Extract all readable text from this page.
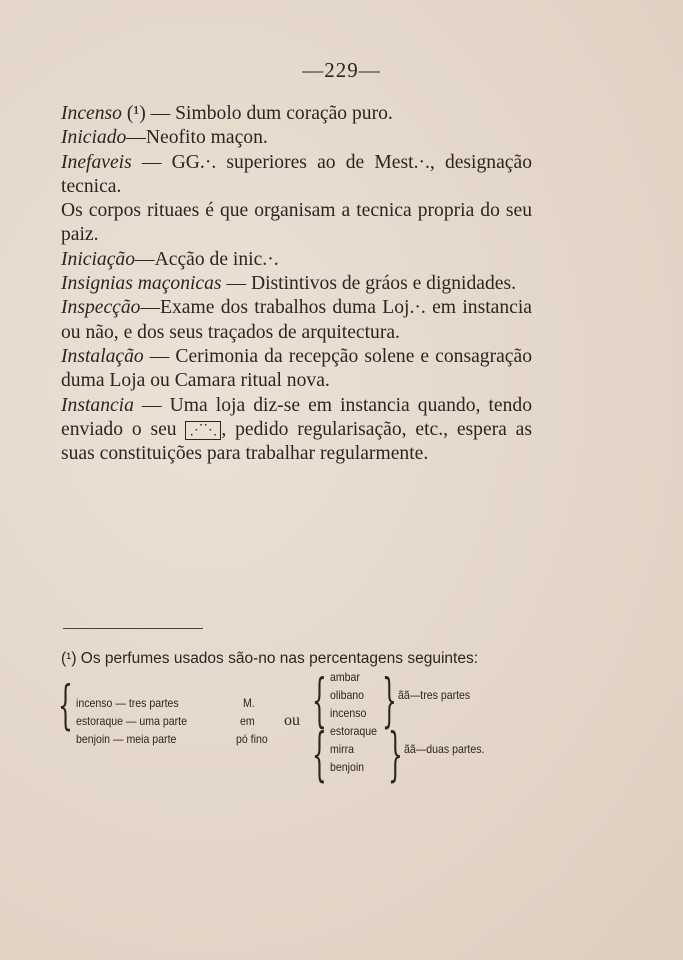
—229—

Incenso (¹) — Simbolo dum coração puro.

Iniciado—Neofito maçon.

Inefaveis — GG.·. superiores ao de Mest.·., designação tecnica.

Os corpos rituaes é que organisam a tecnica propria do seu paiz.

Iniciação—Acção de inic.·.

Insignias maçonicas — Distintivos de gráos e dignidades.

Inspecção—Exame dos trabalhos duma Loj.·. em instancia ou não, e dos seus traçados de arquitectura.

Instalação — Cerimonia da recepção solene e consagração duma Loja ou Camara ritual nova.

Instancia — Uma loja diz-se em instancia quando, tendo enviado o seu ⋰⋱ , pedido regularisação, etc., espera as suas constituições para trabalhar regularmente.

(¹) Os perfumes usados são-no nas percentagens seguintes:
{ incenso — tres partes
estoraque — uma parte
benjoin — meia parte
M.
em
pó fino
ou { ambar
olibano
incenso } ãã—tres partes
{ estoraque
mirra
benjoin } ãã—duas partes.
